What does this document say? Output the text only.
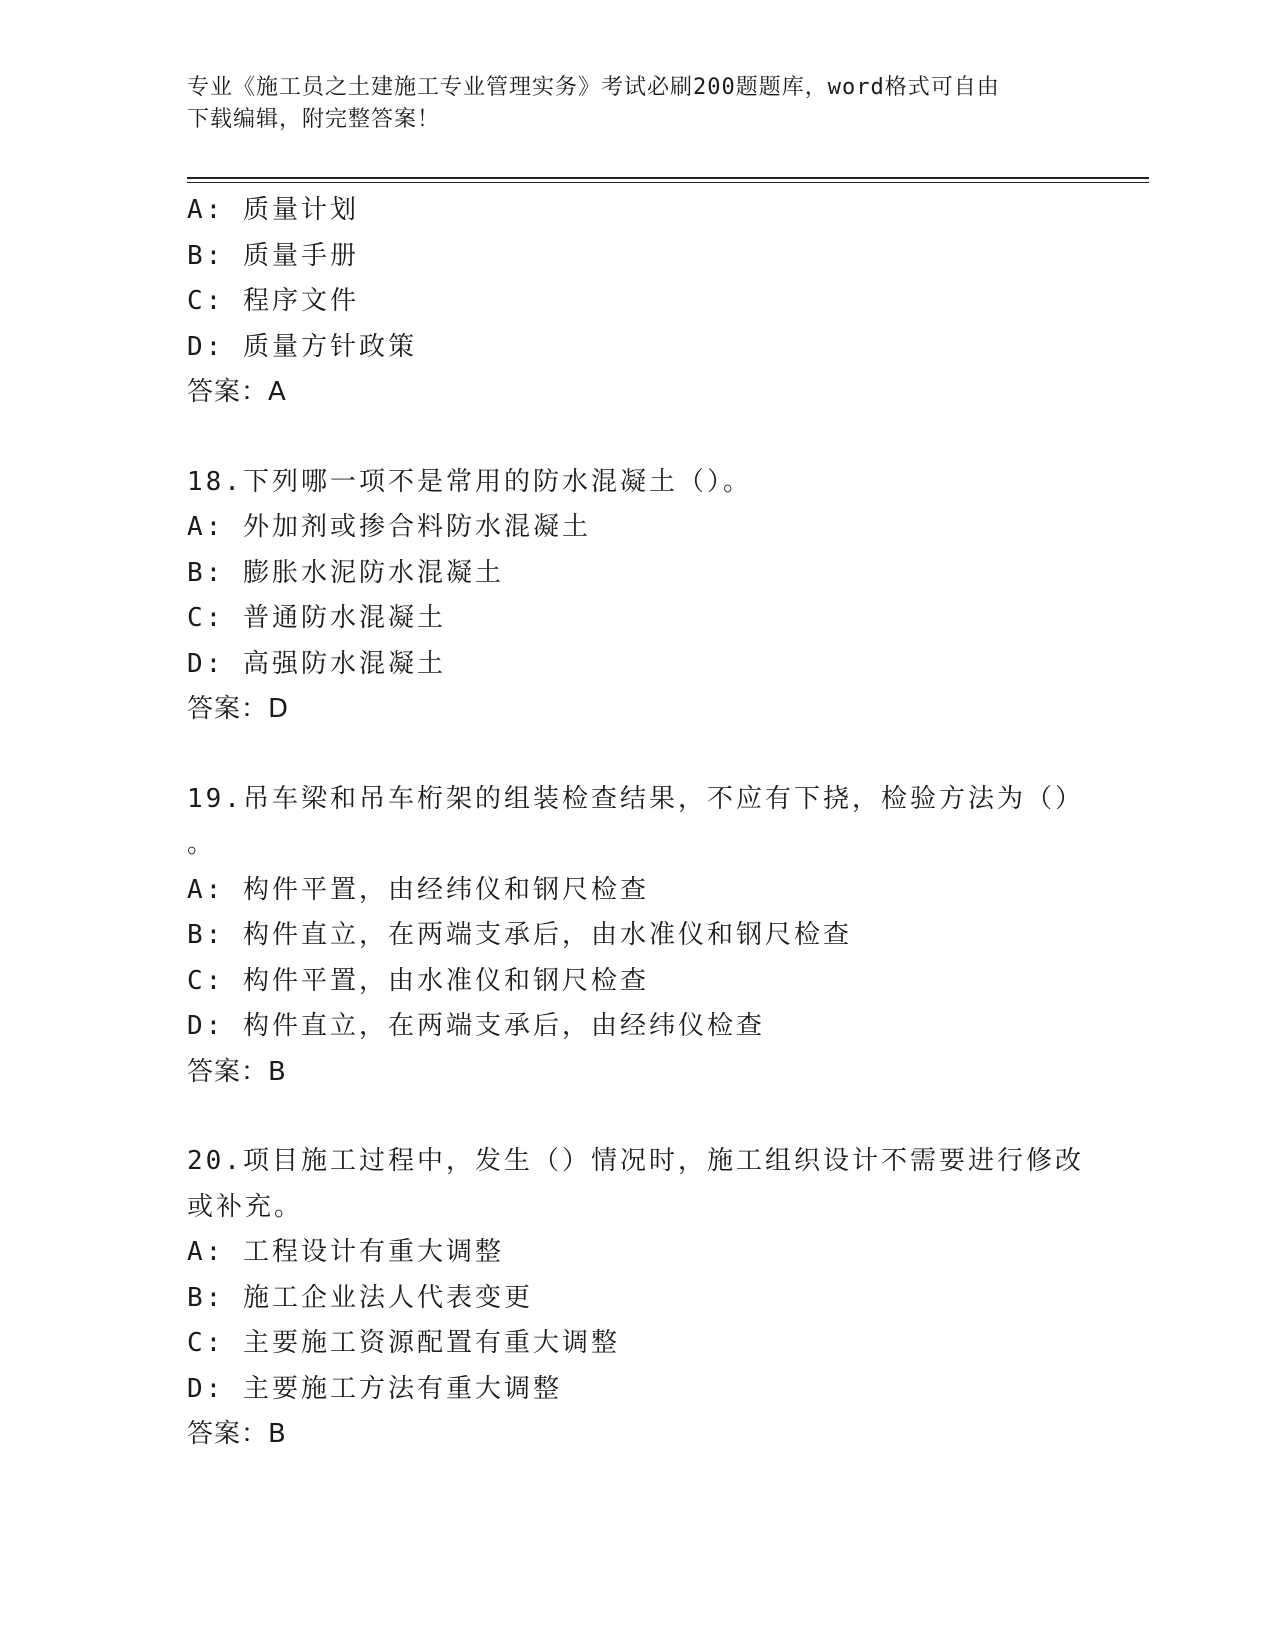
专业《施工员之土建施工专业管理实务》考试必刷200题题库，word格式可自由
下载编辑，附完整答案！
A: 质量计划
B: 质量手册
C: 程序文件
D: 质量方针政策
答案：A
18.下列哪一项不是常用的防水混凝土（）。
A: 外加剂或掺合料防水混凝土
B: 膨胀水泥防水混凝土
C: 普通防水混凝土
D: 高强防水混凝土
答案：D
19.吊车梁和吊车桁架的组装检查结果，不应有下挠，检验方法为（）
。
A: 构件平置，由经纬仪和钢尺检查
B: 构件直立，在两端支承后，由水准仪和钢尺检查
C: 构件平置，由水准仪和钢尺检查
D: 构件直立，在两端支承后，由经纬仪检查
答案：B
20.项目施工过程中，发生（）情况时，施工组织设计不需要进行修改
或补充。
A: 工程设计有重大调整
B: 施工企业法人代表变更
C: 主要施工资源配置有重大调整
D: 主要施工方法有重大调整
答案：B
